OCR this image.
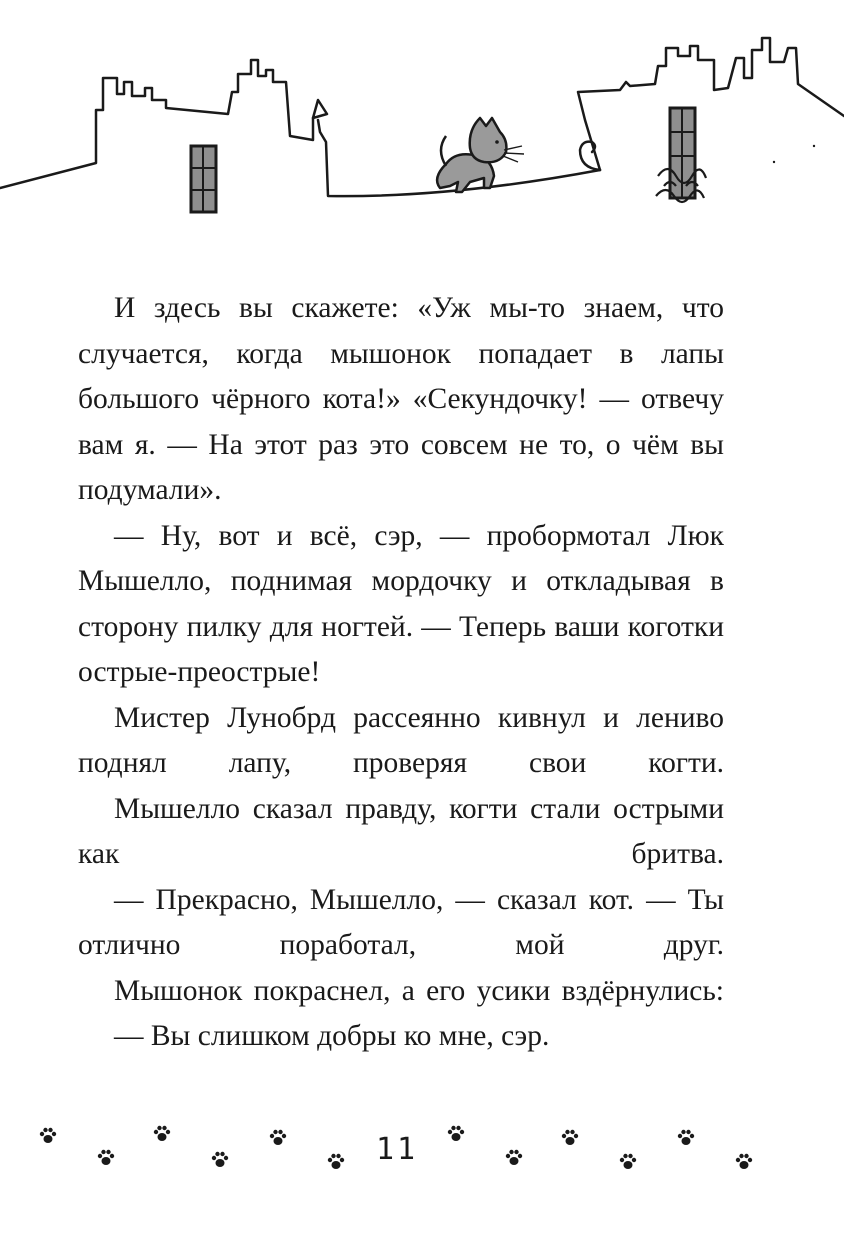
И здесь вы скажете: «Уж мы-то знаем, что случается, когда мышонок попадает в лапы большого чёрного кота!» «Секундочку! — отвечу вам я. — На этот раз это совсем не то, о чём вы подумали».

— Ну, вот и всё, сэр, — пробормотал Люк Мышелло, поднимая мордочку и откладывая в сторону пилку для ногтей. — Теперь ваши коготки острые-преострые!

Мистер Лунобрд рассеянно кивнул и лениво поднял лапу, проверяя свои когти.

Мышелло сказал правду, когти стали острыми как бритва.

— Прекрасно, Мышелло, — сказал кот. — Ты отлично поработал, мой друг.

Мышонок покраснел, а его усики вздёрнулись:

— Вы слишком добры ко мне, сэр.

11
